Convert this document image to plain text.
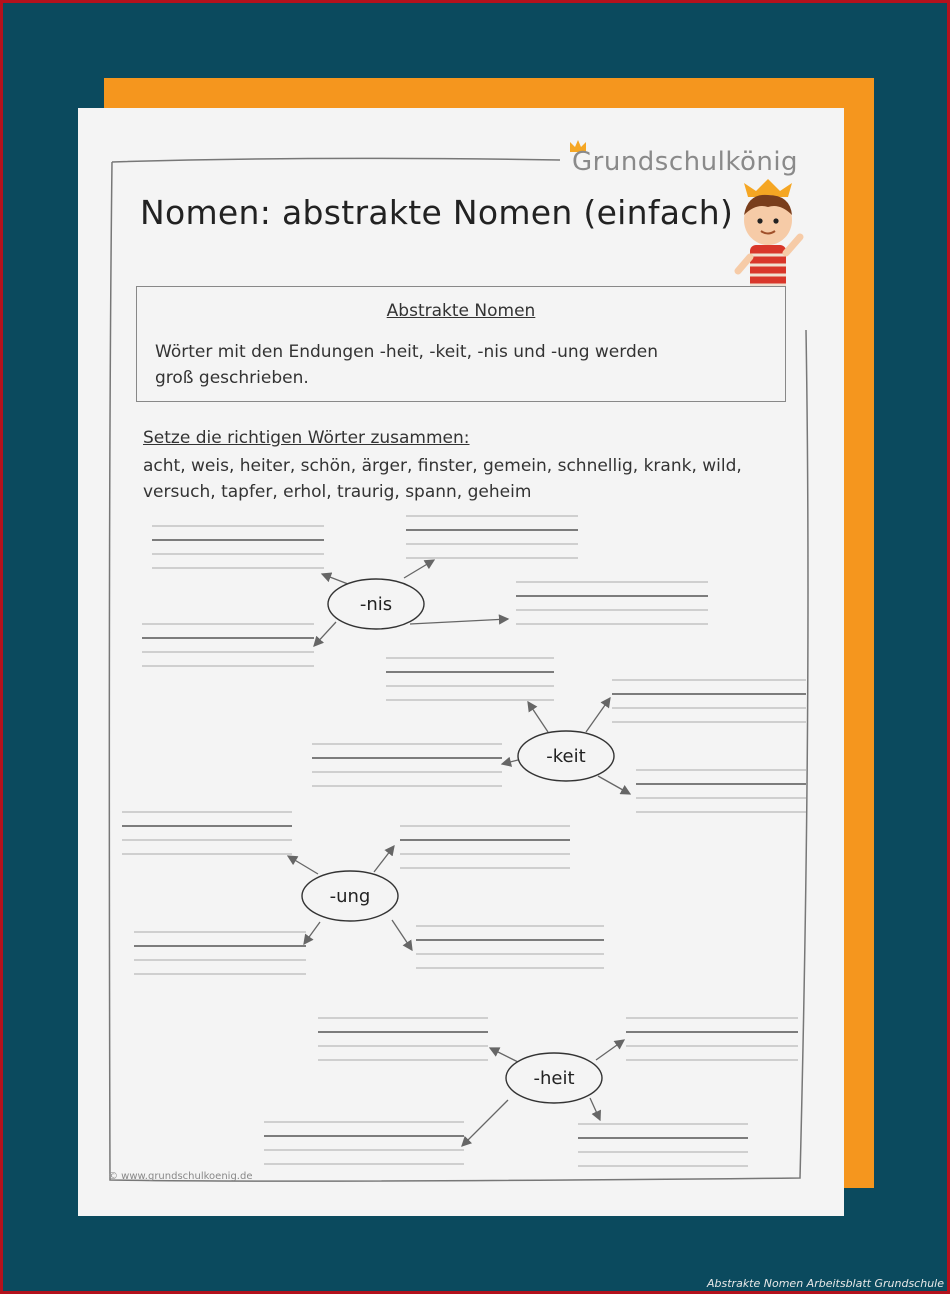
Grundschulkönig
Nomen: abstrakte Nomen (einfach)
Abstrakte Nomen
Wörter mit den Endungen -heit, -keit, -nis und -ung werden
groß geschrieben.
Setze die richtigen Wörter zusammen:
acht, weis, heiter, schön, ärger, finster, gemein, schnellig, krank, wild,
versuch, tapfer, erhol, traurig, spann, geheim
-nis
-keit
-ung
-heit
© www.grundschulkoenig.de
Abstrakte Nomen Arbeitsblatt Grundschule
